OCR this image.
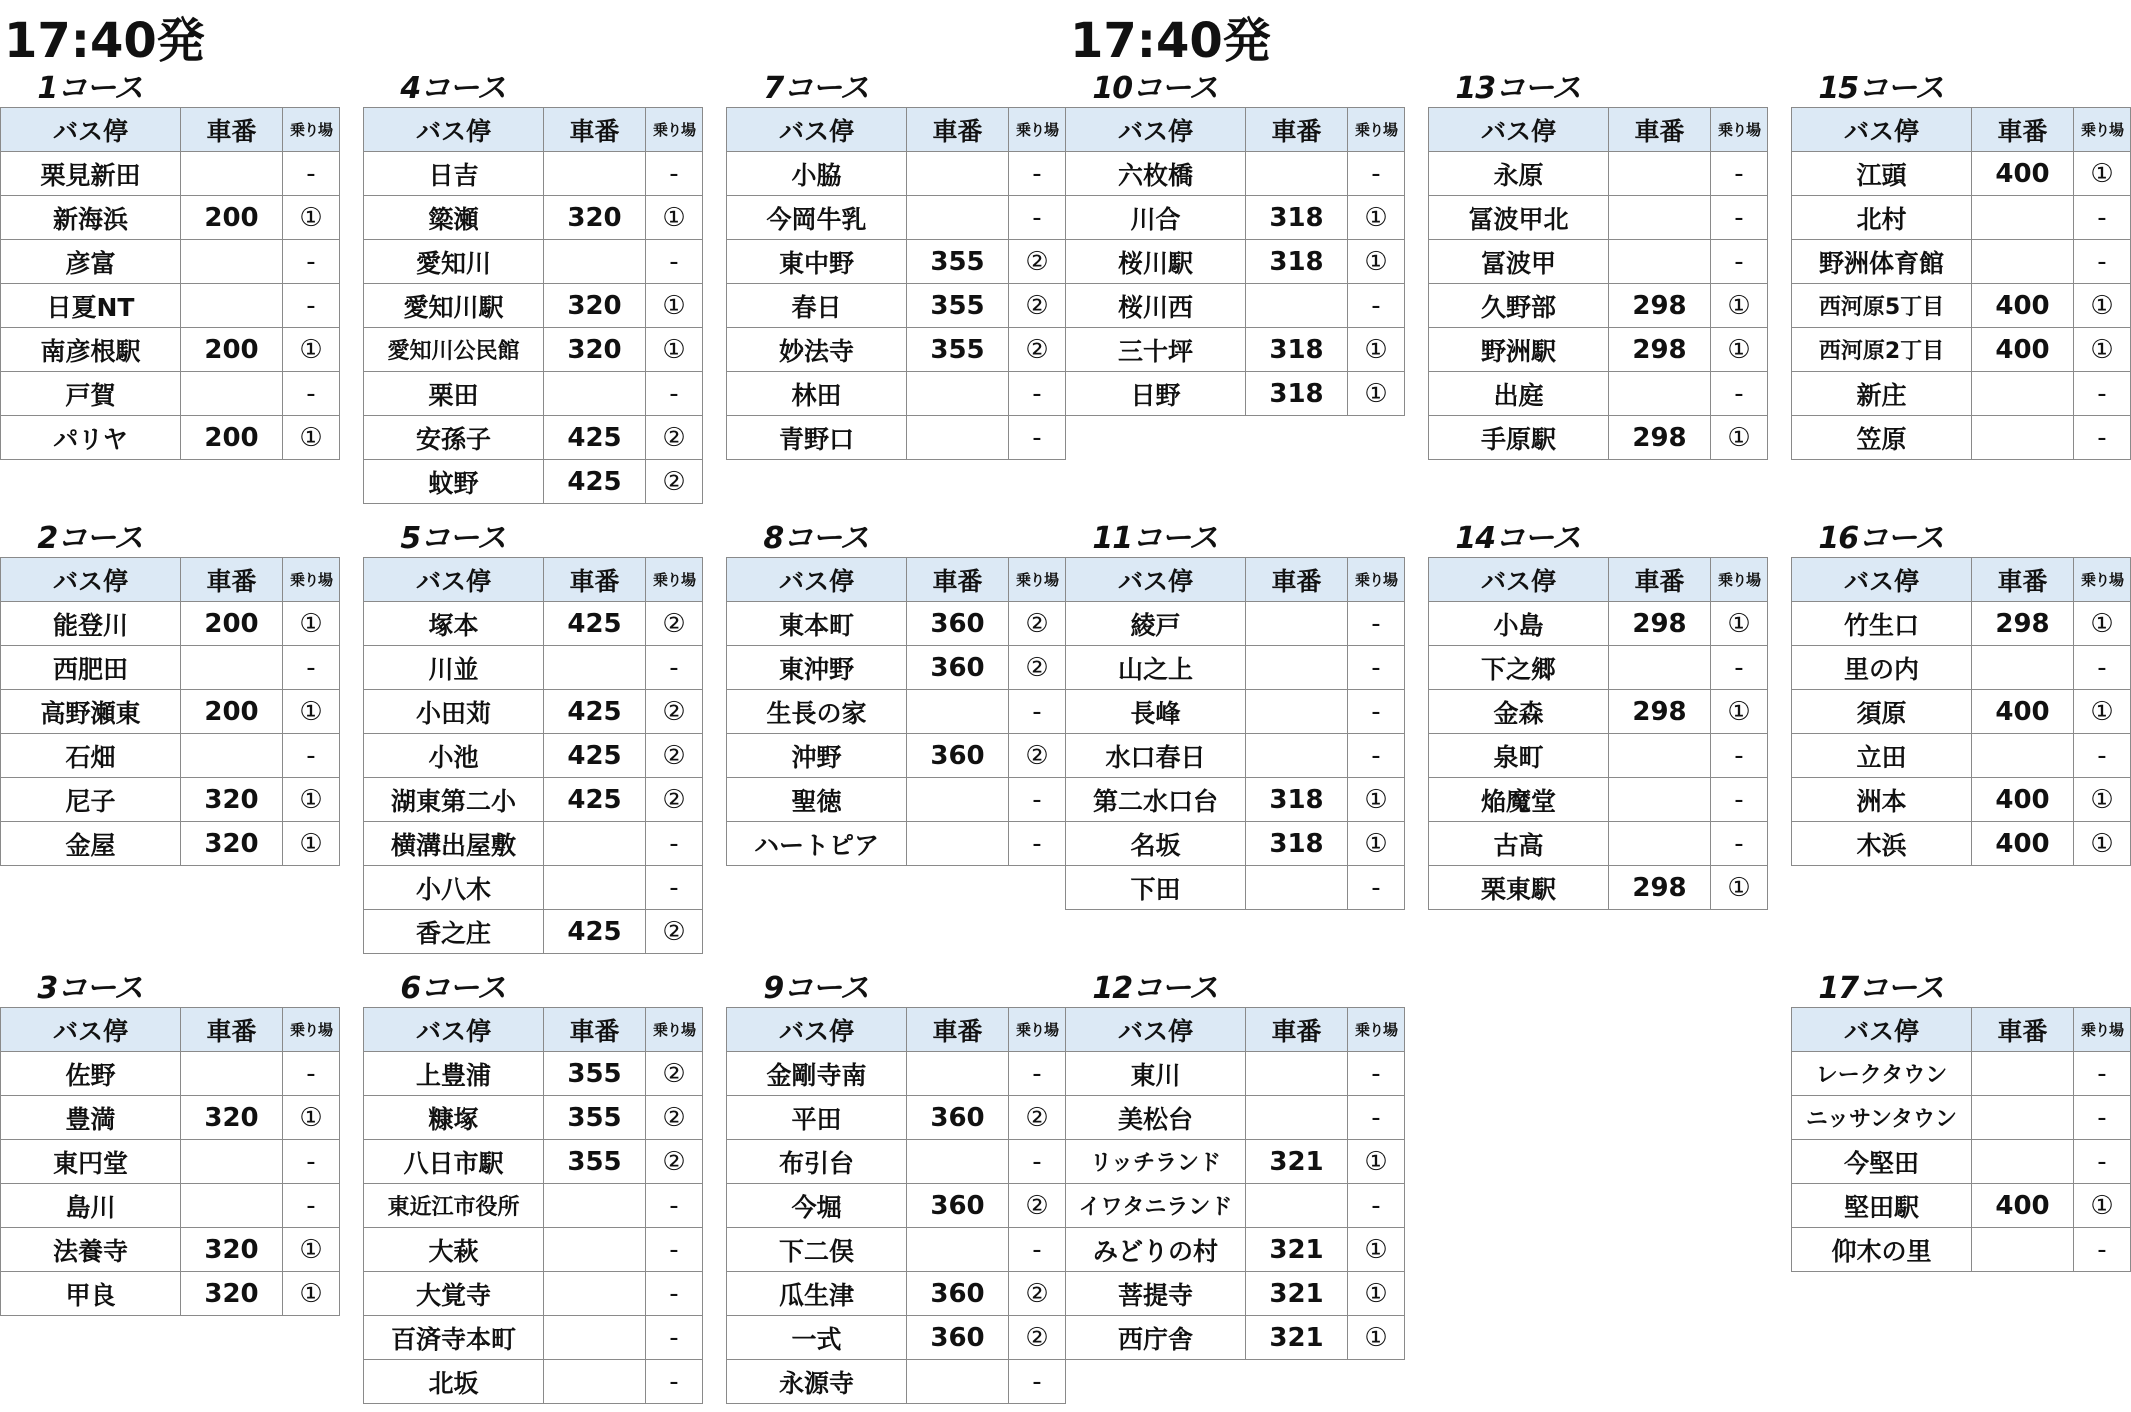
17:40発	17:40発
1コース
バス停	車番	乗り場
栗見新田		-
新海浜	200	①
彦富		-
日夏NT		-
南彦根駅	200	①
戸賀		-
パリヤ	200	①
4コース
バス停	車番	乗り場
日吉		-
簗瀬	320	①
愛知川		-
愛知川駅	320	①
愛知川公民館	320	①
栗田		-
安孫子	425	②
蚊野	425	②
7コース
バス停	車番	乗り場
小脇		-
今岡牛乳		-
東中野	355	②
春日	355	②
妙法寺	355	②
林田		-
青野口		-
10コース
バス停	車番	乗り場
六枚橋		-
川合	318	①
桜川駅	318	①
桜川西		-
三十坪	318	①
日野	318	①
13コース
バス停	車番	乗り場
永原		-
冨波甲北		-
冨波甲		-
久野部	298	①
野洲駅	298	①
出庭		-
手原駅	298	①
15コース
バス停	車番	乗り場
江頭	400	①
北村		-
野洲体育館		-
西河原5丁目	400	①
西河原2丁目	400	①
新庄		-
笠原		-
2コース
バス停	車番	乗り場
能登川	200	①
西肥田		-
高野瀬東	200	①
石畑		-
尼子	320	①
金屋	320	①
5コース
バス停	車番	乗り場
塚本	425	②
川並		-
小田苅	425	②
小池	425	②
湖東第二小	425	②
横溝出屋敷		-
小八木		-
香之庄	425	②
8コース
バス停	車番	乗り場
東本町	360	②
東沖野	360	②
生長の家		-
沖野	360	②
聖徳		-
ハートピア		-
11コース
バス停	車番	乗り場
綾戸		-
山之上		-
長峰		-
水口春日		-
第二水口台	318	①
名坂	318	①
下田		-
14コース
バス停	車番	乗り場
小島	298	①
下之郷		-
金森	298	①
泉町		-
焔魔堂		-
古高		-
栗東駅	298	①
16コース
バス停	車番	乗り場
竹生口	298	①
里の内		-
須原	400	①
立田		-
洲本	400	①
木浜	400	①
3コース
バス停	車番	乗り場
佐野		-
豊満	320	①
東円堂		-
島川		-
法養寺	320	①
甲良	320	①
6コース
バス停	車番	乗り場
上豊浦	355	②
糠塚	355	②
八日市駅	355	②
東近江市役所		-
大萩		-
大覚寺		-
百済寺本町		-
北坂		-
9コース
バス停	車番	乗り場
金剛寺南		-
平田	360	②
布引台		-
今堀	360	②
下二俣		-
瓜生津	360	②
一式	360	②
永源寺		-
12コース
バス停	車番	乗り場
東川		-
美松台		-
リッチランド	321	①
イワタニランド		-
みどりの村	321	①
菩提寺	321	①
西庁舎	321	①
17コース
バス停	車番	乗り場
レークタウン		-
ニッサンタウン		-
今堅田		-
堅田駅	400	①
仰木の里		-
